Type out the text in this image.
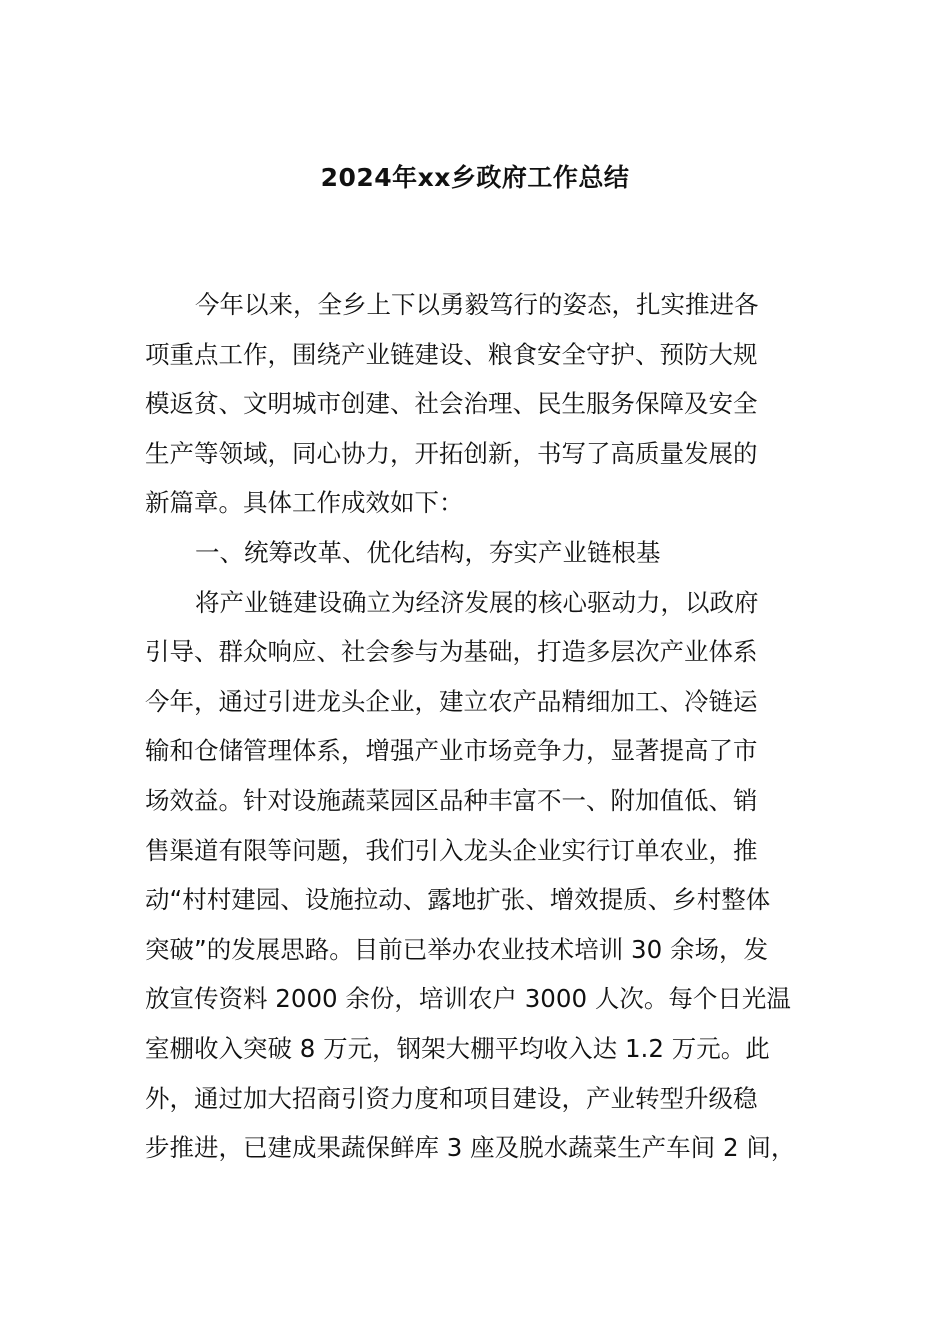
2024年xx乡政府工作总结
今年以来，全乡上下以勇毅笃行的姿态，扎实推进各
项重点工作，围绕产业链建设、粮食安全守护、预防大规
模返贫、文明城市创建、社会治理、民生服务保障及安全
生产等领域，同心协力，开拓创新，书写了高质量发展的
新篇章。具体工作成效如下：
一、统筹改革、优化结构，夯实产业链根基
将产业链建设确立为经济发展的核心驱动力，以政府
引导、群众响应、社会参与为基础，打造多层次产业体系
今年，通过引进龙头企业，建立农产品精细加工、冷链运
输和仓储管理体系，增强产业市场竞争力，显著提高了市
场效益。针对设施蔬菜园区品种丰富不一、附加值低、销
售渠道有限等问题，我们引入龙头企业实行订单农业，推
动“村村建园、设施拉动、露地扩张、增效提质、乡村整体
突破”的发展思路。目前已举办农业技术培训 30 余场，发
放宣传资料 2000 余份，培训农户 3000 人次。每个日光温
室棚收入突破 8 万元，钢架大棚平均收入达 1.2 万元。此
外，通过加大招商引资力度和项目建设，产业转型升级稳
步推进，已建成果蔬保鲜库 3 座及脱水蔬菜生产车间 2 间，
